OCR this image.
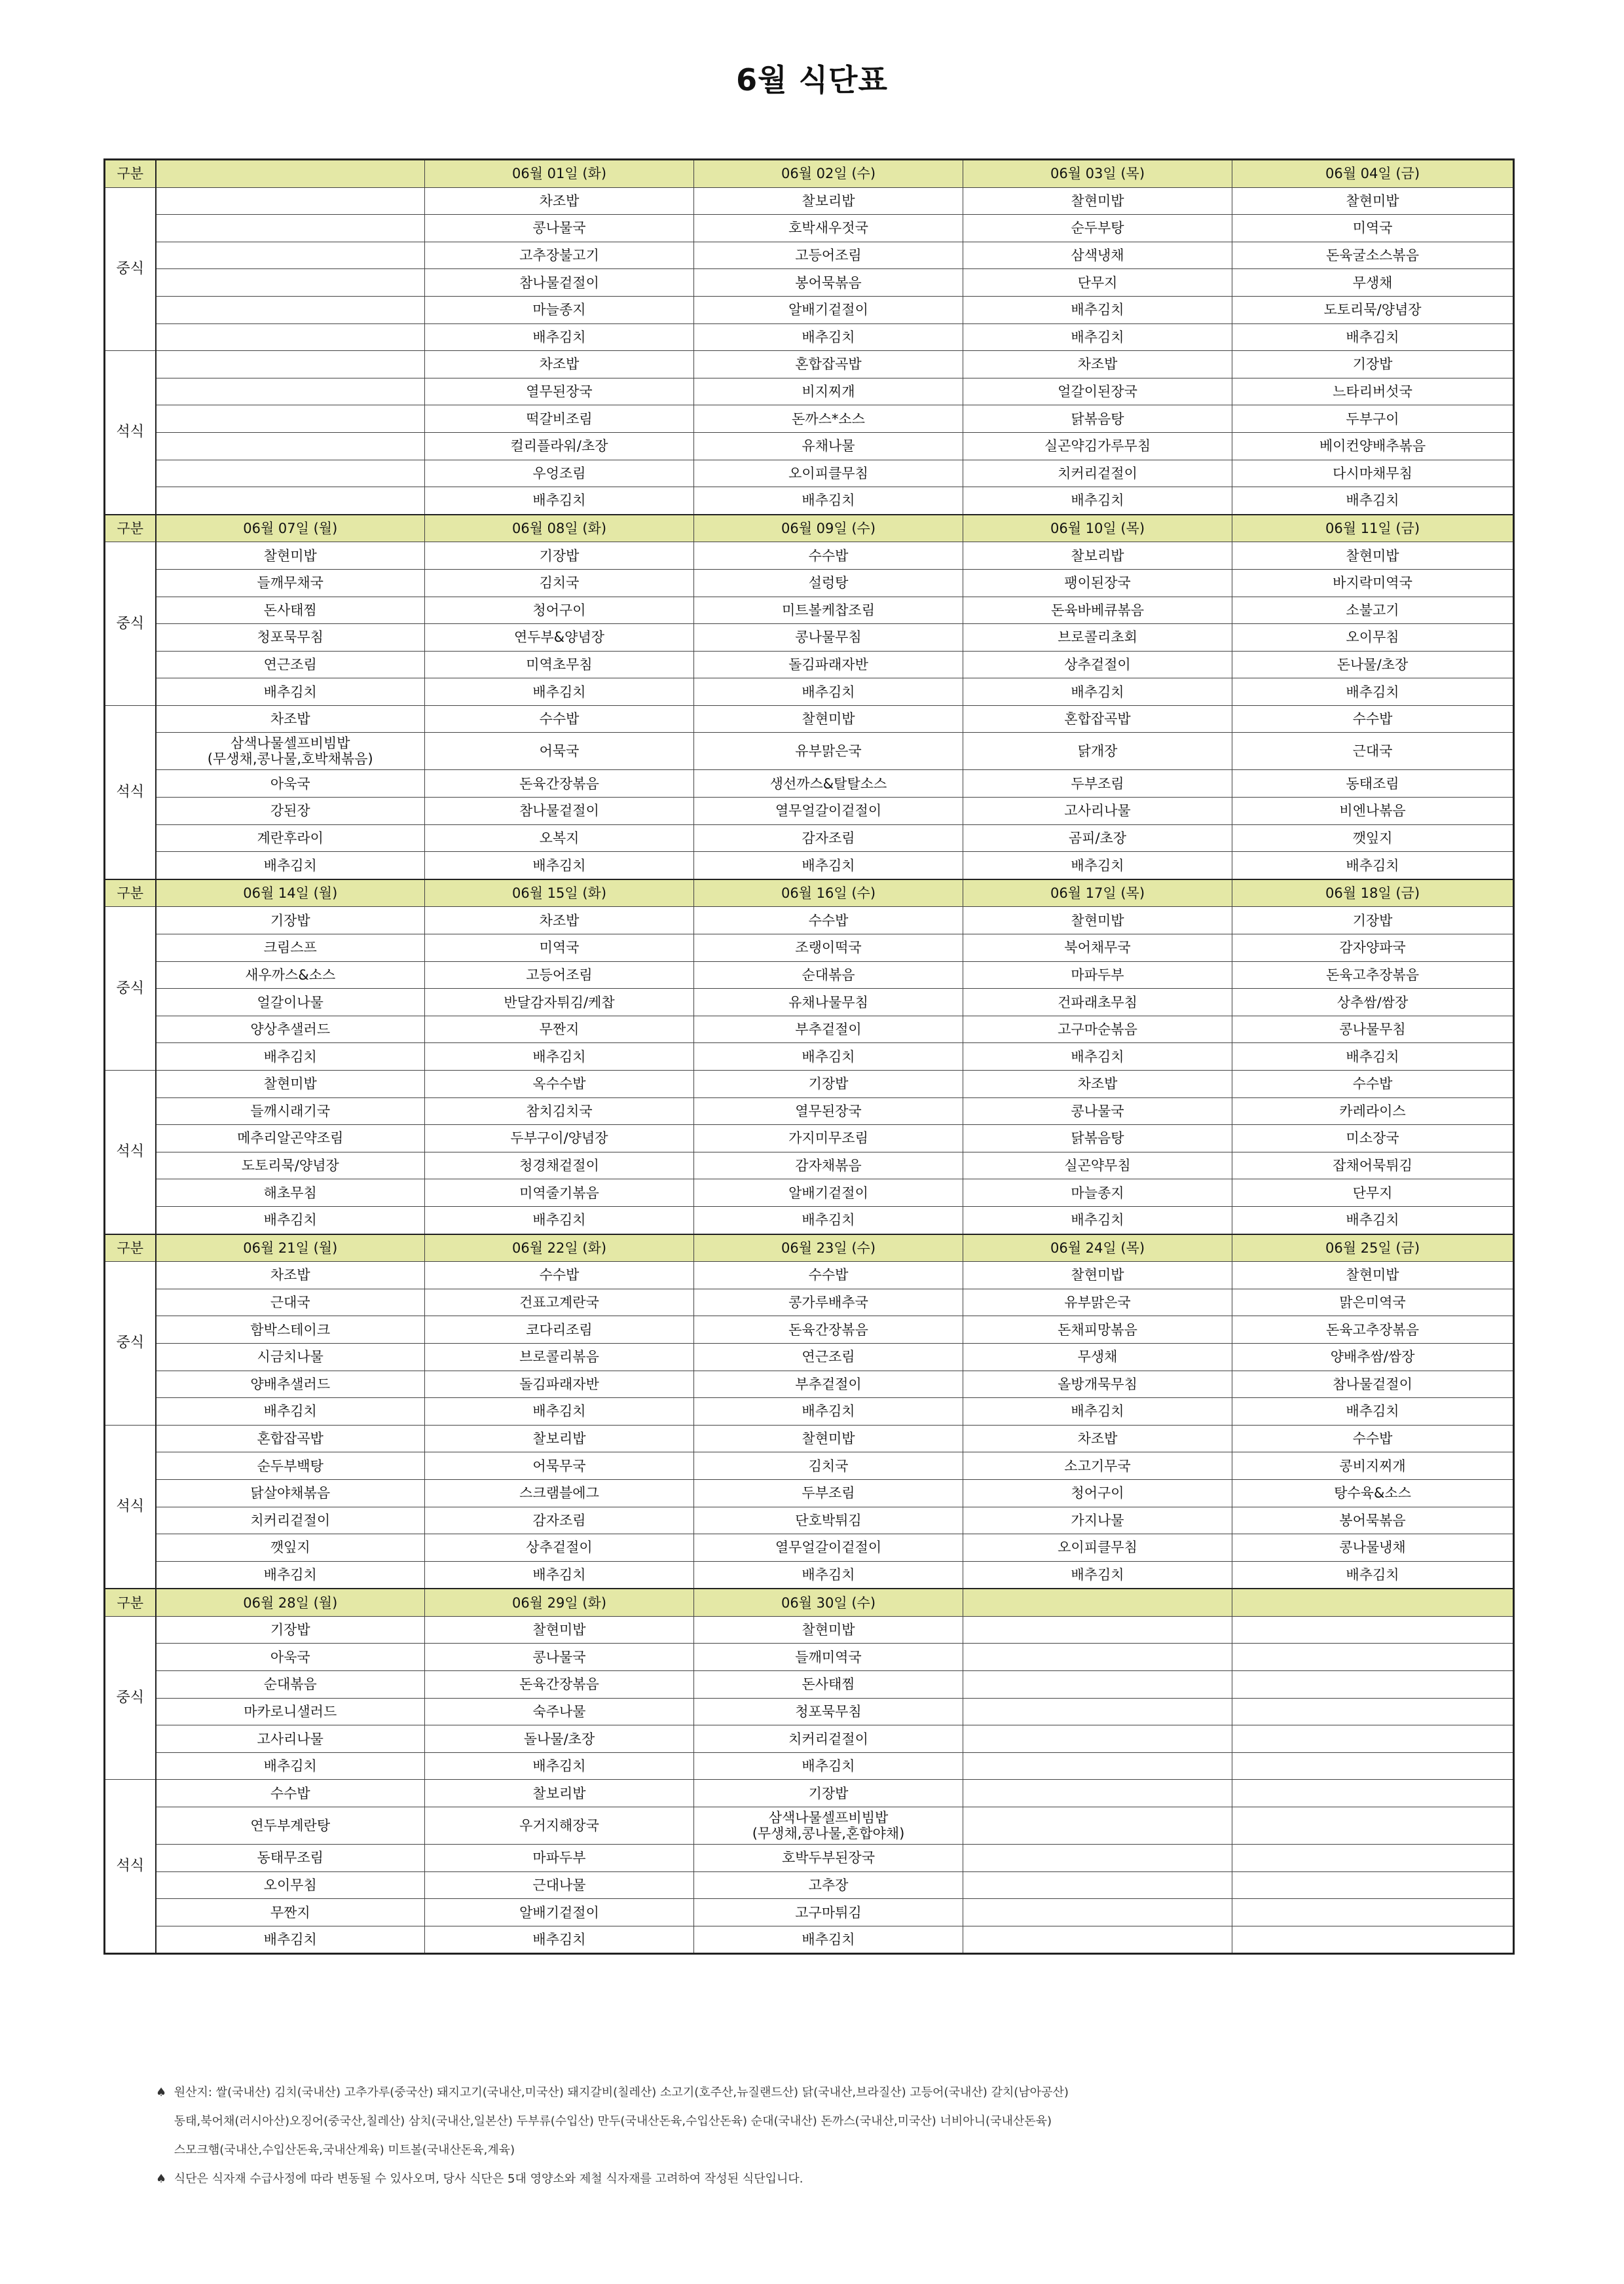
6월 식단표
구분		06월 01일 (화)	06월 02일 (수)	06월 03일 (목)	06월 04일 (금)
중식		차조밥	찰보리밥	찰현미밥	찰현미밥
		콩나물국	호박새우젓국	순두부탕	미역국
		고추장불고기	고등어조림	삼색냉채	돈육굴소스볶음
		참나물겉절이	봉어묵볶음	단무지	무생채
		마늘종지	알배기겉절이	배추김치	도토리묵/양념장
		배추김치	배추김치	배추김치	배추김치
석식		차조밥	혼합잡곡밥	차조밥	기장밥
		열무된장국	비지찌개	얼갈이된장국	느타리버섯국
		떡갈비조림	돈까스*소스	닭볶음탕	두부구이
		컬리플라워/초장	유채나물	실곤약김가루무침	베이컨양배추볶음
		우엉조림	오이피클무침	치커리겉절이	다시마채무침
		배추김치	배추김치	배추김치	배추김치
구분	06월 07일 (월)	06월 08일 (화)	06월 09일 (수)	06월 10일 (목)	06월 11일 (금)
중식	찰현미밥	기장밥	수수밥	찰보리밥	찰현미밥
	들깨무채국	김치국	설렁탕	팽이된장국	바지락미역국
	돈사태찜	청어구이	미트볼케찹조림	돈육바베큐볶음	소불고기
	청포묵무침	연두부&양념장	콩나물무침	브로콜리초회	오이무침
	연근조림	미역초무침	돌김파래자반	상추겉절이	돈나물/초장
	배추김치	배추김치	배추김치	배추김치	배추김치
석식	차조밥	수수밥	찰현미밥	혼합잡곡밥	수수밥
	삼색나물셀프비빔밥
(무생채,콩나물,호박채볶음)	어묵국	유부맑은국	닭개장	근대국
	아욱국	돈육간장볶음	생선까스&탈탈소스	두부조림	동태조림
	강된장	참나물겉절이	열무얼갈이겉절이	고사리나물	비엔나볶음
	계란후라이	오복지	감자조림	곰피/초장	깻잎지
	배추김치	배추김치	배추김치	배추김치	배추김치
구분	06월 14일 (월)	06월 15일 (화)	06월 16일 (수)	06월 17일 (목)	06월 18일 (금)
중식	기장밥	차조밥	수수밥	찰현미밥	기장밥
	크림스프	미역국	조랭이떡국	북어채무국	감자양파국
	새우까스&소스	고등어조림	순대볶음	마파두부	돈육고추장볶음
	얼갈이나물	반달감자튀김/케찹	유채나물무침	건파래초무침	상추쌈/쌈장
	양상추샐러드	무짠지	부추겉절이	고구마순볶음	콩나물무침
	배추김치	배추김치	배추김치	배추김치	배추김치
석식	찰현미밥	옥수수밥	기장밥	차조밥	수수밥
	들깨시래기국	참치김치국	열무된장국	콩나물국	카레라이스
	메추리알곤약조림	두부구이/양념장	가지미무조림	닭볶음탕	미소장국
	도토리묵/양념장	청경채겉절이	감자채볶음	실곤약무침	잡채어묵튀김
	해초무침	미역줄기볶음	알배기겉절이	마늘종지	단무지
	배추김치	배추김치	배추김치	배추김치	배추김치
구분	06월 21일 (월)	06월 22일 (화)	06월 23일 (수)	06월 24일 (목)	06월 25일 (금)
중식	차조밥	수수밥	수수밥	찰현미밥	찰현미밥
	근대국	건표고계란국	콩가루배추국	유부맑은국	맑은미역국
	함박스테이크	코다리조림	돈육간장볶음	돈채피망볶음	돈육고추장볶음
	시금치나물	브로콜리볶음	연근조림	무생채	양배추쌈/쌈장
	양배추샐러드	돌김파래자반	부추겉절이	올방개묵무침	참나물겉절이
	배추김치	배추김치	배추김치	배추김치	배추김치
석식	혼합잡곡밥	찰보리밥	찰현미밥	차조밥	수수밥
	순두부백탕	어묵무국	김치국	소고기무국	콩비지찌개
	닭살야채볶음	스크램블에그	두부조림	청어구이	탕수육&소스
	치커리겉절이	감자조림	단호박튀김	가지나물	봉어묵볶음
	깻잎지	상추겉절이	열무얼갈이겉절이	오이피클무침	콩나물냉채
	배추김치	배추김치	배추김치	배추김치	배추김치
구분	06월 28일 (월)	06월 29일 (화)	06월 30일 (수)		
중식	기장밥	찰현미밥	찰현미밥		
	아욱국	콩나물국	들깨미역국		
	순대볶음	돈육간장볶음	돈사태찜		
	마카로니샐러드	숙주나물	청포묵무침		
	고사리나물	돌나물/초장	치커리겉절이		
	배추김치	배추김치	배추김치		
석식	수수밥	찰보리밥	기장밥		
	연두부계란탕	우거지해장국	삼색나물셀프비빔밥
(무생채,콩나물,혼합야채)		
	동태무조림	마파두부	호박두부된장국		
	오이무침	근대나물	고추장		
	무짠지	알배기겉절이	고구마튀김		
	배추김치	배추김치	배추김치		
♠ 원산지: 쌀(국내산) 김치(국내산) 고추가루(중국산) 돼지고기(국내산,미국산) 돼지갈비(칠레산) 소고기(호주산,뉴질랜드산) 닭(국내산,브라질산) 고등어(국내산) 갈치(남아공산)
동태,북어채(러시아산)오징어(중국산,칠레산) 삼치(국내산,일본산) 두부류(수입산) 만두(국내산돈육,수입산돈육) 순대(국내산) 돈까스(국내산,미국산) 너비아니(국내산돈육)
스모크햄(국내산,수입산돈육,국내산계육) 미트볼(국내산돈육,계육)
♠ 식단은 식자재 수급사정에 따라 변동될 수 있사오며, 당사 식단은 5대 영양소와 제철 식자재를 고려하여 작성된 식단입니다.
